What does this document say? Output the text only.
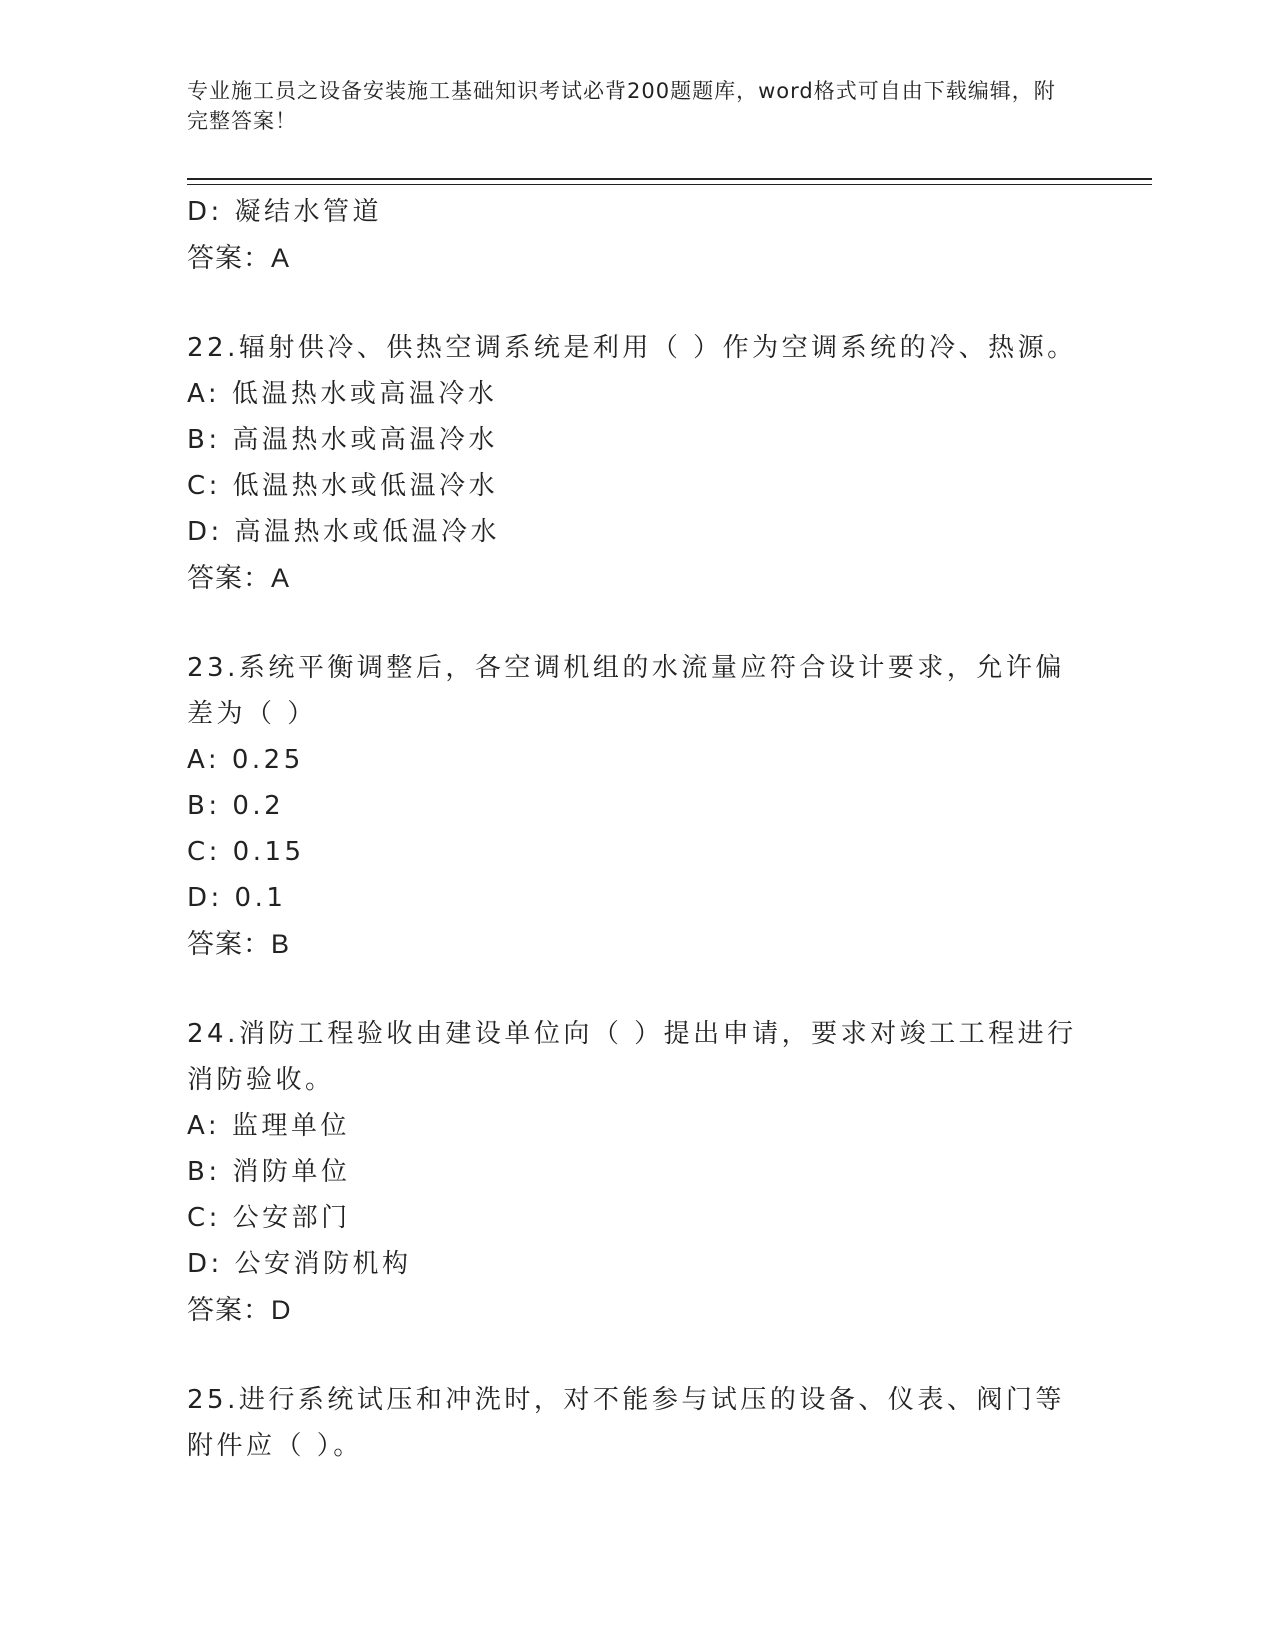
专业施工员之设备安装施工基础知识考试必背200题题库，word格式可自由下载编辑，附完整答案！
D: 凝结水管道
答案：A
22.辐射供冷、供热空调系统是利用（ ）作为空调系统的冷、热源。
A: 低温热水或高温冷水
B: 高温热水或高温冷水
C: 低温热水或低温冷水
D: 高温热水或低温冷水
答案：A
23.系统平衡调整后，各空调机组的水流量应符合设计要求，允许偏差为（ ）
A: 0.25
B: 0.2
C: 0.15
D: 0.1
答案：B
24.消防工程验收由建设单位向（ ）提出申请，要求对竣工工程进行消防验收。
A: 监理单位
B: 消防单位
C: 公安部门
D: 公安消防机构
答案：D
25.进行系统试压和冲洗时，对不能参与试压的设备、仪表、阀门等附件应（ ）。
